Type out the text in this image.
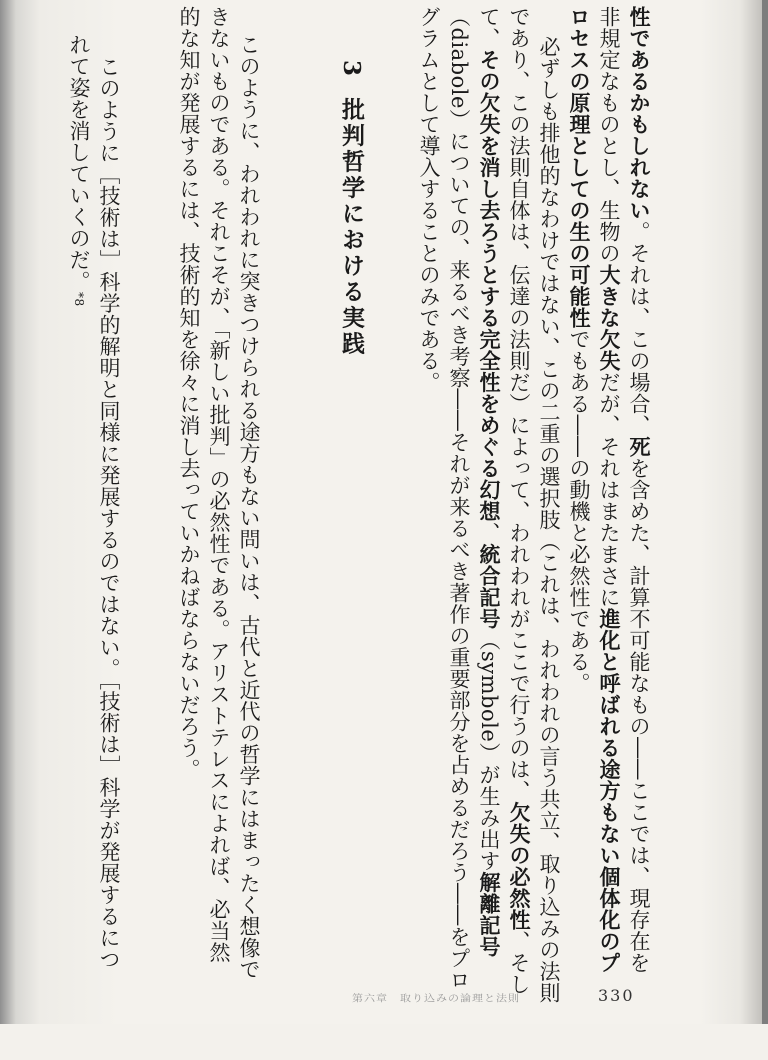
性であるかもしれない。それは、この場合、死を含めた、計算不可能なもの――ここでは、現存在を
非規定なものとし、生物の大きな欠失だが、それはまたまさに進化と呼ばれる途方もない個体化のプ
ロセスの原理としての生の可能性でもある――の動機と必然性である。
必ずしも排他的なわけではない、この二重の選択肢（これは、われわれの言う共立、取り込みの法則
であり、この法則自体は、伝達の法則だ）によって、われわれがここで行うのは、欠失の必然性、そし
て、その欠失を消し去ろうとする完全性をめぐる幻想、統合記号（symbole）が生み出す解離記号
（diabole）についての、来るべき考察――それが来るべき著作の重要部分を占めるだろう――をプロ
グラムとして導入することのみである。
3批判哲学における実践
このように、われわれに突きつけられる途方もない問いは、古代と近代の哲学にはまったく想像で
きないものである。それこそが、「新しい批判」の必然性である。アリストテレスによれば、必当然
的な知が発展するには、技術的知を徐々に消し去っていかねばならないだろう。
このように［技術は］科学的解明と同様に発展するのではない。［技術は］科学が発展するにつ
れて姿を消していくのだ。*8
第六章　取り込みの論理と法則	330
